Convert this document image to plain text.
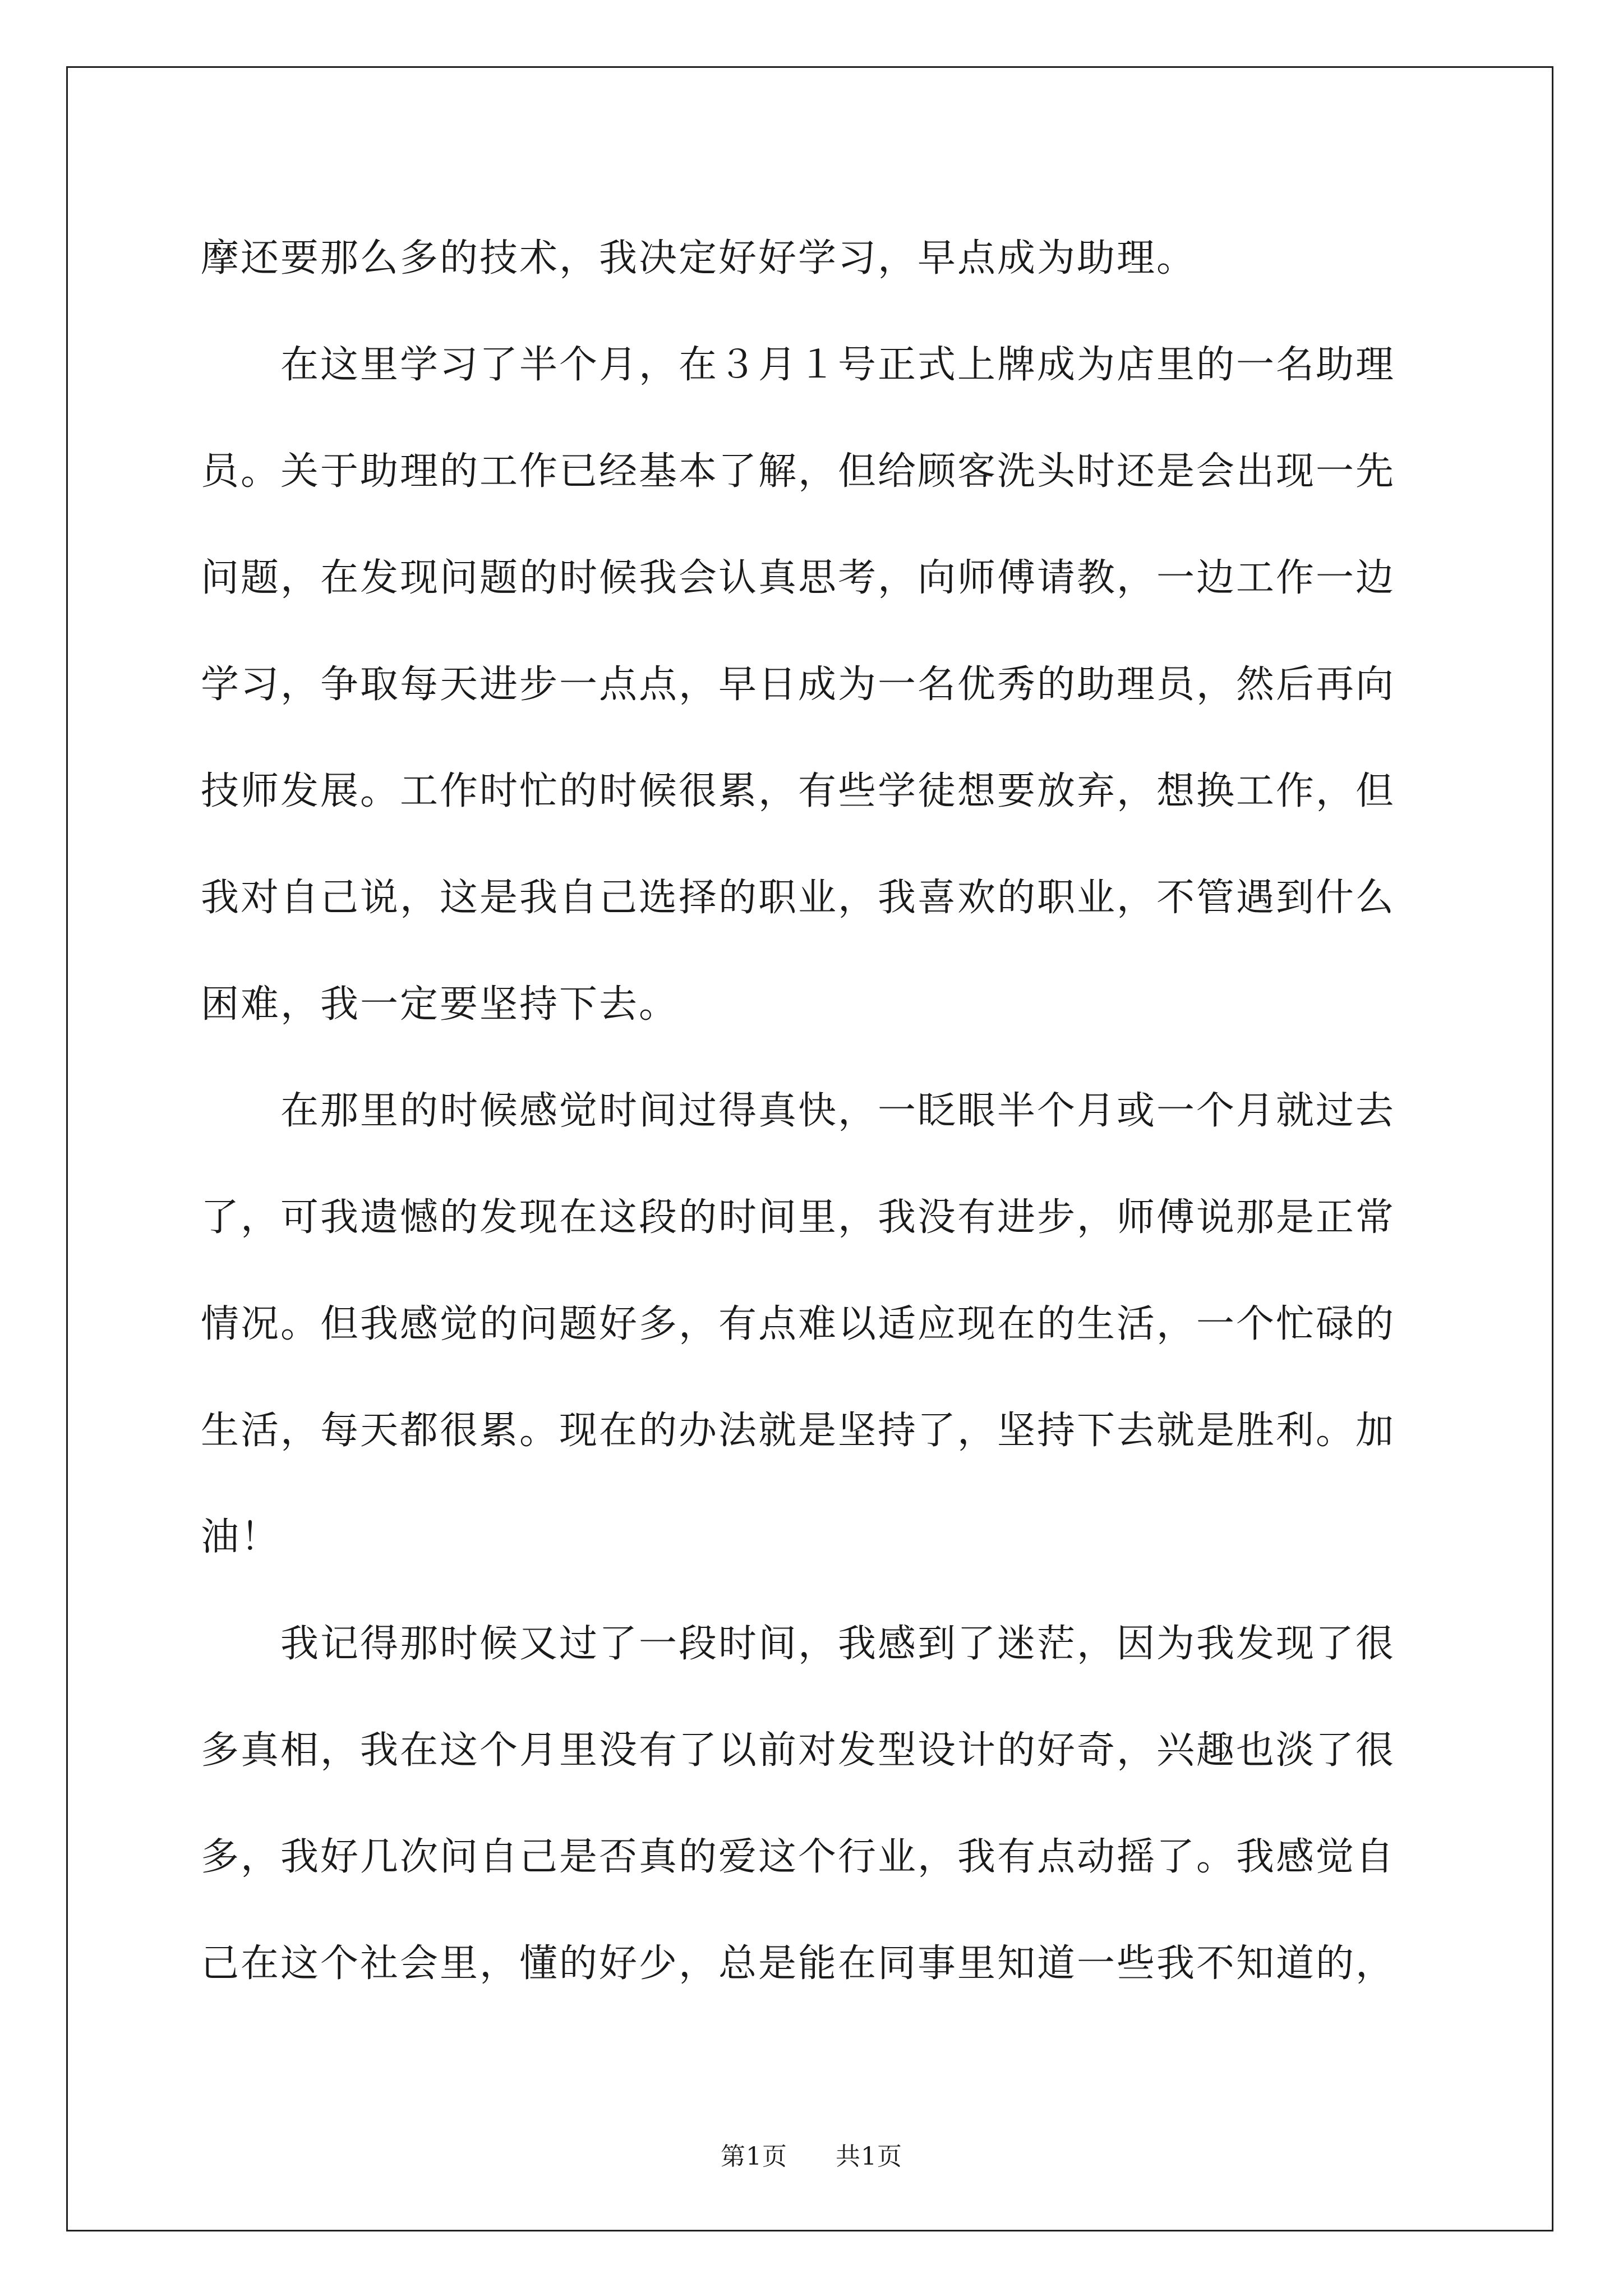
摩还要那么多的技术，我决定好好学习，早点成为助理。
在这里学习了半个月，在３月１号正式上牌成为店里的一名助理
员。关于助理的工作已经基本了解，但给顾客洗头时还是会出现一先
问题，在发现问题的时候我会认真思考，向师傅请教，一边工作一边
学习，争取每天进步一点点，早日成为一名优秀的助理员，然后再向
技师发展。工作时忙的时候很累，有些学徒想要放弃，想换工作，但
我对自己说，这是我自己选择的职业，我喜欢的职业，不管遇到什么
困难，我一定要坚持下去。
在那里的时候感觉时间过得真快，一眨眼半个月或一个月就过去
了，可我遗憾的发现在这段的时间里，我没有进步，师傅说那是正常
情况。但我感觉的问题好多，有点难以适应现在的生活，一个忙碌的
生活，每天都很累。现在的办法就是坚持了，坚持下去就是胜利。加
油！
我记得那时候又过了一段时间，我感到了迷茫，因为我发现了很
多真相，我在这个月里没有了以前对发型设计的好奇，兴趣也淡了很
多，我好几次问自己是否真的爱这个行业，我有点动摇了。我感觉自
己在这个社会里，懂的好少，总是能在同事里知道一些我不知道的，
第1页 共1页
